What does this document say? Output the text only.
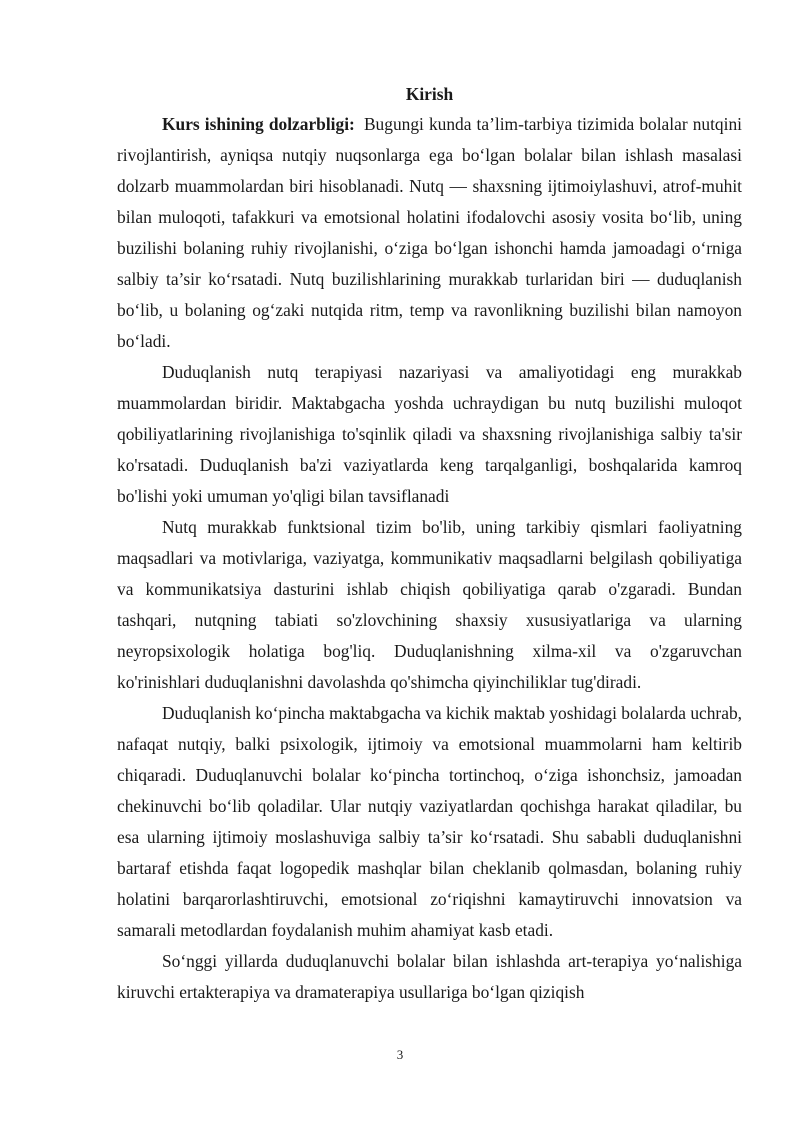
Kirish

Kurs ishining dolzarbligi: Bugungi kunda ta’lim-tarbiya tizimida bolalar nutqini rivojlantirish, ayniqsa nutqiy nuqsonlarga ega bo‘lgan bolalar bilan ishlash masalasi dolzarb muammolardan biri hisoblanadi. Nutq — shaxsning ijtimoiylashuvi, atrof-muhit bilan muloqoti, tafakkuri va emotsional holatini ifodalovchi asosiy vosita bo‘lib, uning buzilishi bolaning ruhiy rivojlanishi, o‘ziga bo‘lgan ishonchi hamda jamoadagi o‘rniga salbiy ta’sir ko‘rsatadi. Nutq buzilishlarining murakkab turlaridan biri — duduqlanish bo‘lib, u bolaning og‘zaki nutqida ritm, temp va ravonlikning buzilishi bilan namoyon bo‘ladi.

Duduqlanish nutq terapiyasi nazariyasi va amaliyotidagi eng murakkab muammolardan biridir. Maktabgacha yoshda uchraydigan bu nutq buzilishi muloqot qobiliyatlarining rivojlanishiga to'sqinlik qiladi va shaxsning rivojlanishiga salbiy ta'sir ko'rsatadi. Duduqlanish ba'zi vaziyatlarda keng tarqalganligi, boshqalarida kamroq bo'lishi yoki umuman yo'qligi bilan tavsiflanadi

Nutq murakkab funktsional tizim bo'lib, uning tarkibiy qismlari faoliyatning maqsadlari va motivlariga, vaziyatga, kommunikativ maqsadlarni belgilash qobiliyatiga va kommunikatsiya dasturini ishlab chiqish qobiliyatiga qarab o'zgaradi. Bundan tashqari, nutqning tabiati so'zlovchining shaxsiy xususiyatlariga va ularning neyropsixologik holatiga bog'liq. Duduqlanishning xilma-xil va o'zgaruvchan ko'rinishlari duduqlanishni davolashda qo'shimcha qiyinchiliklar tug'diradi.

Duduqlanish ko‘pincha maktabgacha va kichik maktab yoshidagi bolalarda uchrab, nafaqat nutqiy, balki psixologik, ijtimoiy va emotsional muammolarni ham keltirib chiqaradi. Duduqlanuvchi bolalar ko‘pincha tortinchoq, o‘ziga ishonchsiz, jamoadan chekinuvchi bo‘lib qoladilar. Ular nutqiy vaziyatlardan qochishga harakat qiladilar, bu esa ularning ijtimoiy moslashuviga salbiy ta’sir ko‘rsatadi. Shu sababli duduqlanishni bartaraf etishda faqat logopedik mashqlar bilan cheklanib qolmasdan, bolaning ruhiy holatini barqarorlashtiruvchi, emotsional zo‘riqishni kamaytiruvchi innovatsion va samarali metodlardan foydalanish muhim ahamiyat kasb etadi.

So‘nggi yillarda duduqlanuvchi bolalar bilan ishlashda art-terapiya yo‘nalishiga kiruvchi ertakterapiya va dramaterapiya usullariga bo‘lgan qiziqish

3
